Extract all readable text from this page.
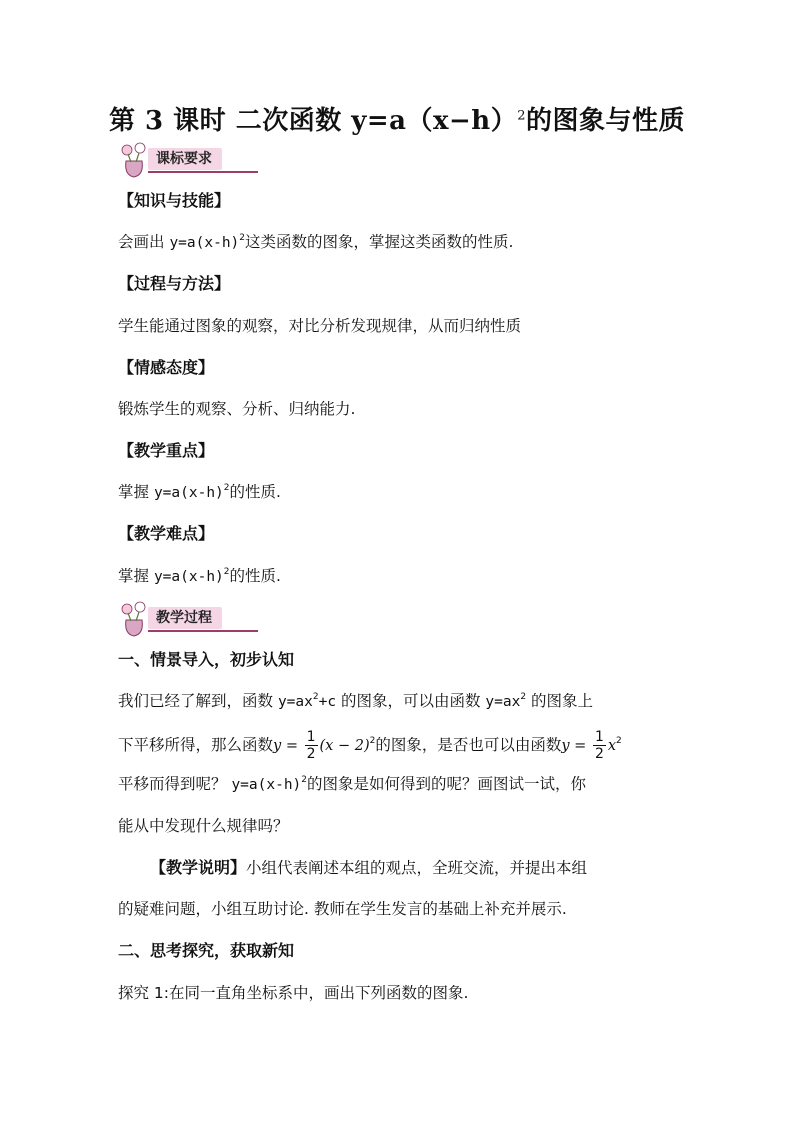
第 3 课时 二次函数 $y=a(x-h)^2$的图象与性质
课标要求
【知识与技能】
会画出 $y=a(x-h)^2$这类函数的图象，掌握这类函数的性质.
【过程与方法】
学生能通过图象的观察，对比分析发现规律，从而归纳性质
【情感态度】
锻炼学生的观察、分析、归纳能力.
【教学重点】
掌握 $y=a(x-h)^2$的性质.
【教学难点】
掌握 $y=a(x-h)^2$的性质.
教学过程
一、情景导入，初步认知
我们已经了解到，函数 $y=ax^2+c$ 的图象，可以由函数 $y=ax^2$ 的图象上
下平移所得，那么函数$y = \frac{1}{2} (x - 2)^2$的图象，是否也可以由函数$y = \frac{1}{2} x^2$
平移而得到呢？ $y=a(x-h)^2$的图象是如何得到的呢？画图试一试，你
能从中发现什么规律吗？
【教学说明】小组代表阐述本组的观点，全班交流，并提出本组
的疑难问题，小组互助讨论. 教师在学生发言的基础上补充并展示.
二、思考探究，获取新知
探究 1:在同一直角坐标系中，画出下列函数的图象.
